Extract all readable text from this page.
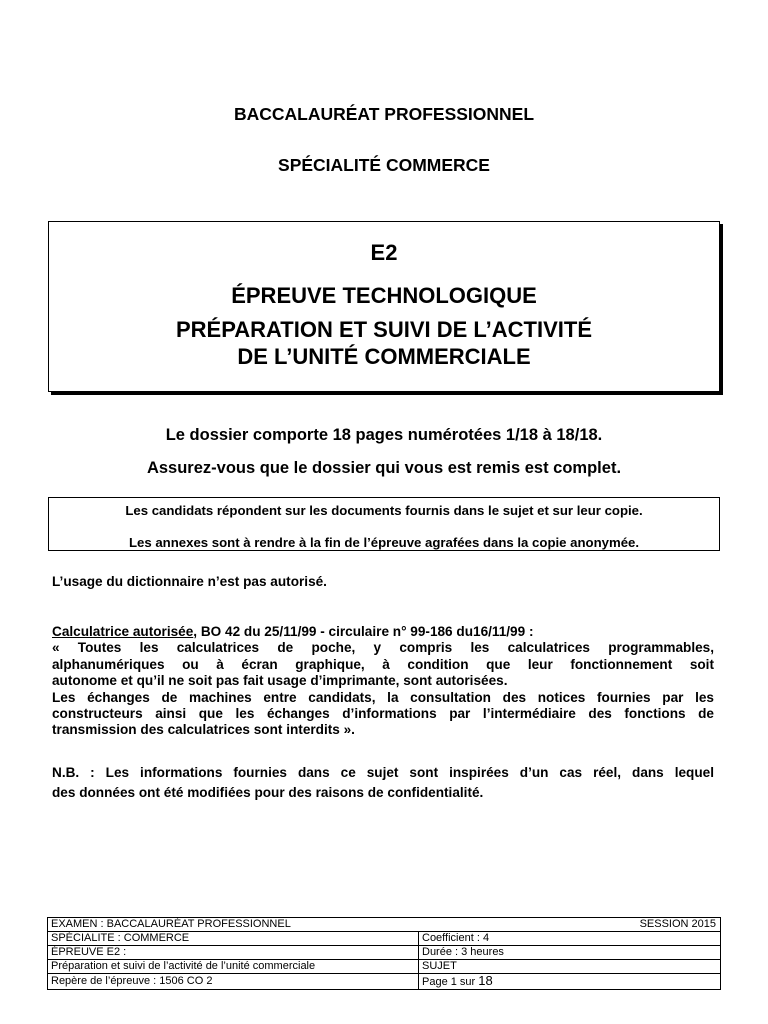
BACCALAURÉAT PROFESSIONNEL
SPÉCIALITÉ COMMERCE
E2
ÉPREUVE TECHNOLOGIQUE
PRÉPARATION ET SUIVI DE L’ACTIVITÉ
DE L’UNITÉ COMMERCIALE
Le dossier comporte 18 pages numérotées 1/18 à 18/18.
Assurez-vous que le dossier qui vous est remis est complet.
Les candidats répondent sur les documents fournis dans le sujet et sur leur copie.
Les annexes sont à rendre à la fin de l’épreuve agrafées dans la copie anonymée.
L’usage du dictionnaire n’est pas autorisé.
Calculatrice autorisée, BO 42 du 25/11/99 - circulaire n° 99-186 du16/11/99 :
« Toutes les calculatrices de poche, y compris les calculatrices programmables,
alphanumériques ou à écran graphique, à condition que leur fonctionnement soit
autonome et qu’il ne soit pas fait usage d’imprimante, sont autorisées.
Les échanges de machines entre candidats, la consultation des notices fournies par les
constructeurs ainsi que les échanges d’informations par l’intermédiaire des fonctions de
transmission des calculatrices sont interdits ».
N.B. : Les informations fournies dans ce sujet sont inspirées d’un cas réel, dans lequel
des données ont été modifiées pour des raisons de confidentialité.
EXAMEN : BACCALAURÉAT PROFESSIONNEL SESSION 2015	

SPÉCIALITE : COMMERCE	Coefficient : 4
ÉPREUVE E2 :	Durée : 3 heures
Préparation et suivi de l’activité de l’unité commerciale	SUJET
Repère de l’épreuve : 1506 CO 2	Page 1 sur 18
